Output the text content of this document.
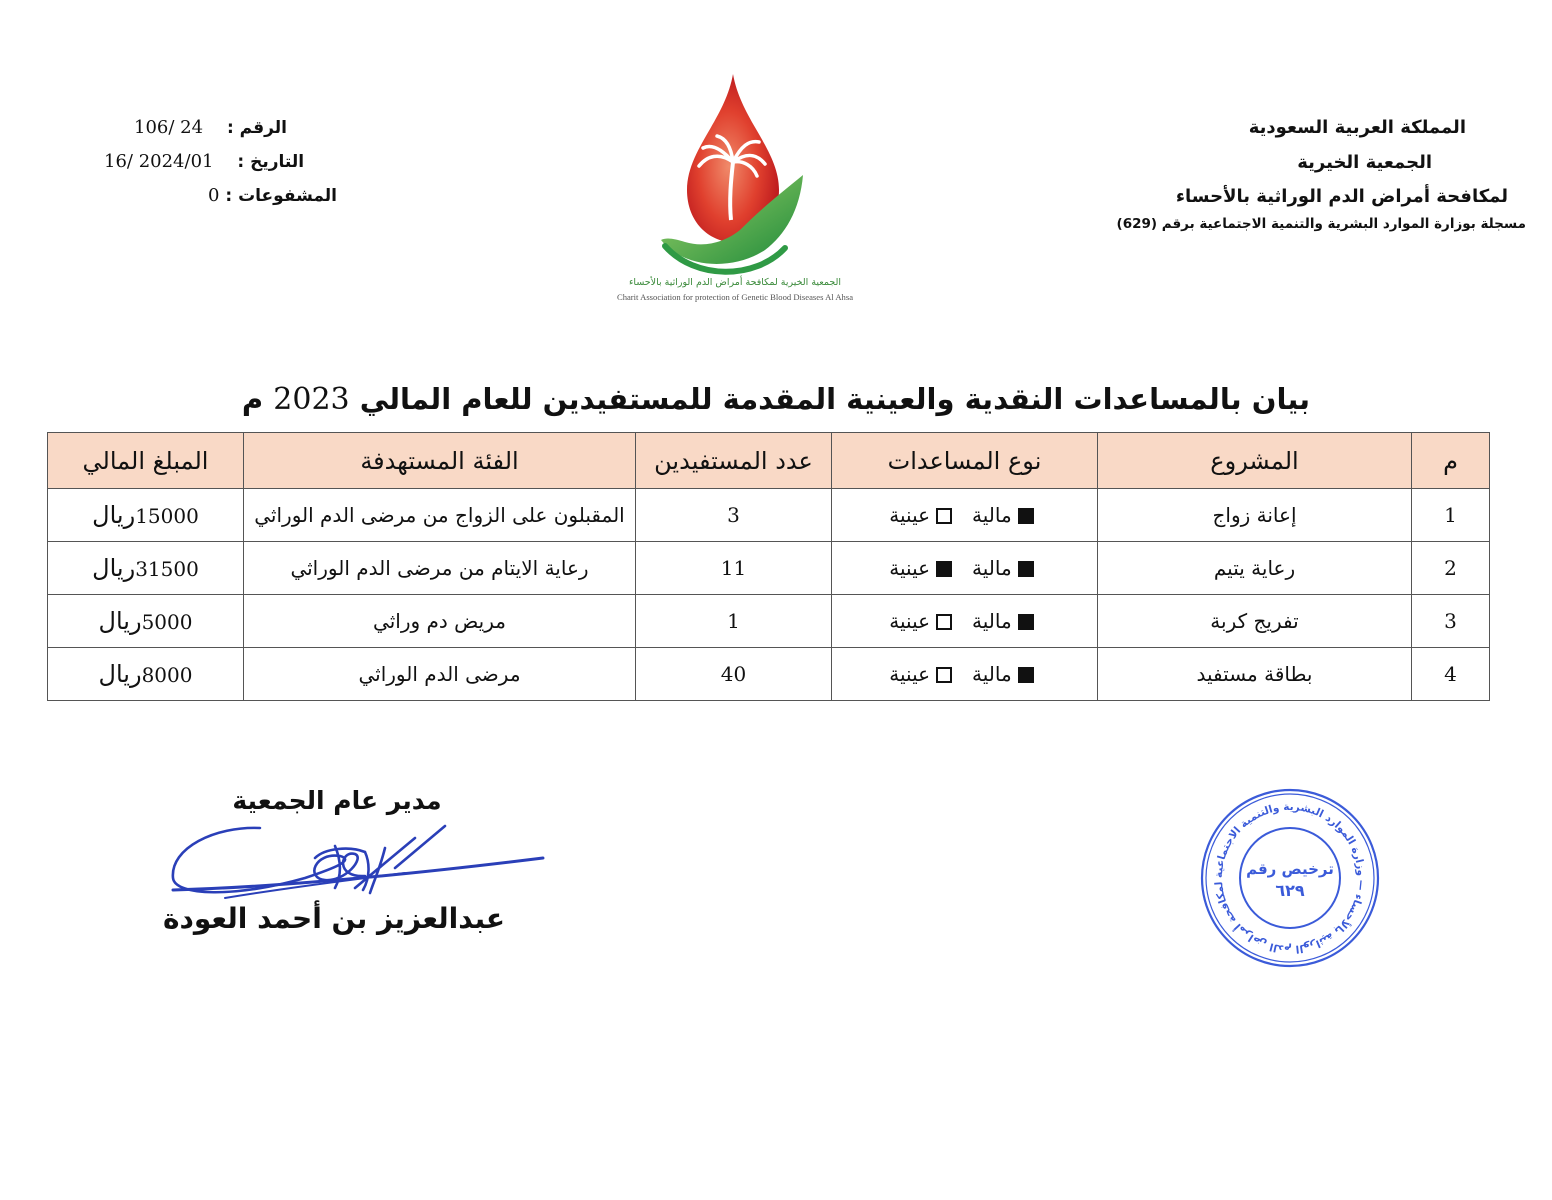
المملكة العربية السعودية
الجمعية الخيرية
لمكافحة أمراض الدم الوراثية بالأحساء
مسجلة بوزارة الموارد البشرية والتنمية الاجتماعية برقم (629)
الرقم : 106/ 24
التاريخ : 16/ 2024/01
المشفوعات : 0
الجمعية الخيرية لمكافحة أمراض الدم الوراثية بالأحساء
Charit Association for protection of Genetic Blood Diseases Al Ahsa
بيان بالمساعدات النقدية والعينية المقدمة للمستفيدين للعام المالي 2023 م
م	المشروع	نوع المساعدات	عدد المستفيدين	الفئة المستهدفة	المبلغ المالي
1	إعانة زواج	ماليةعينية	3	المقبلون على الزواج من مرضى الدم الوراثي	15000ريال
2	رعاية يتيم	ماليةعينية	11	رعاية الايتام من مرضى الدم الوراثي	31500ريال
3	تفريج كربة	ماليةعينية	1	مريض دم وراثي	5000ريال
4	بطاقة مستفيد	ماليةعينية	40	مرضى الدم الوراثي	8000ريال
مدير عام الجمعية
عبدالعزيز بن أحمد العودة	لمكافحة أمراض الدم الوراثية بالأحساء — وزارة الموارد البشرية والتنمية الاجتماعية
ترخيص رقم
٦٢٩
